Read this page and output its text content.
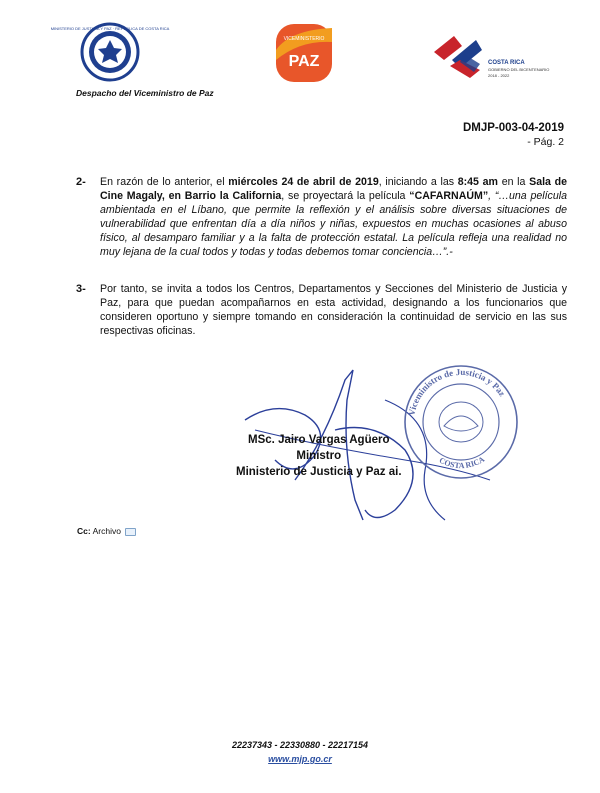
MINISTERIO DE JUSTICIA Y PAZ · REPÚBLICA DE COSTA RICA
VICEMINISTERIO
PAZ	COSTA RICA
GOBIERNO DEL BICENTENARIO
2018 - 2022
Despacho del Viceministro de Paz
DMJP-003-04-2019
- Pág. 2
2- En razón de lo anterior, el miércoles 24 de abril de 2019, iniciando a las 8:45 am en la Sala de Cine Magaly, en Barrio la California, se proyectará la película “CAFARNAÚM”, “…una película ambientada en el Líbano, que permite la reflexión y el análisis sobre diversas situaciones de vulnerabilidad que enfrentan día a día niños y niñas, expuestos en muchas ocasiones al abuso físico, al desamparo familiar y a la falta de protección estatal. La película refleja una realidad no muy lejana de la cual todos y todas y todas debemos tomar conciencia…”.-
3- Por tanto, se invita a todos los Centros, Departamentos y Secciones del Ministerio de Justicia y Paz, para que puedan acompañarnos en esta actividad, designando a los funcionarios que consideren oportuno y siempre tomando en consideración la continuidad de servicio en las sus respectivas oficinas.
Viceministro de Justicia y Paz
COSTA RICA
MSc. Jairo Vargas Agüero
Ministro
Ministerio de Justicia y Paz ai.
Cc: Archivo
22237343 - 22330880 - 22217154
www.mjp.go.cr
